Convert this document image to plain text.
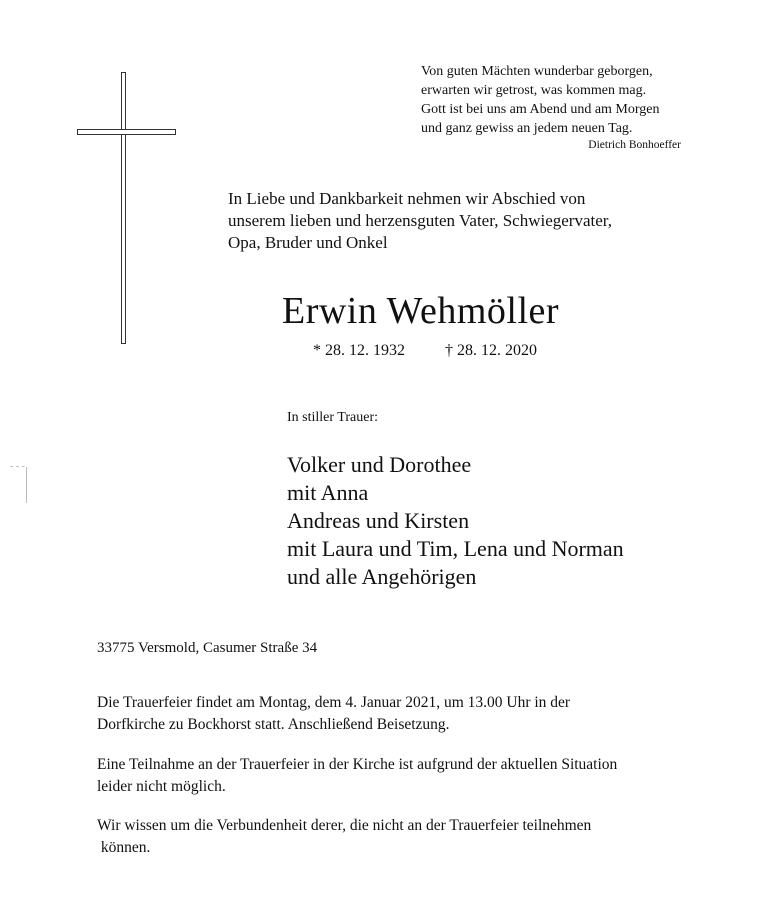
Von guten Mächten wunderbar geborgen,
erwarten wir getrost, was kommen mag.
Gott ist bei uns am Abend und am Morgen
und ganz gewiss an jedem neuen Tag.
Dietrich Bonhoeffer
In Liebe und Dankbarkeit nehmen wir Abschied von
unserem lieben und herzensguten Vater, Schwiegervater,
Opa, Bruder und Onkel
Erwin Wehmöller
* 28. 12. 1932	† 28. 12. 2020
In stiller Trauer:
Volker und Dorothee
mit Anna
Andreas und Kirsten
mit Laura und Tim, Lena und Norman
und alle Angehörigen
33775 Versmold, Casumer Straße 34
Die Trauerfeier findet am Montag, dem 4. Januar 2021, um 13.00 Uhr in der
Dorfkirche zu Bockhorst statt. Anschließend Beisetzung.
Eine Teilnahme an der Trauerfeier in der Kirche ist aufgrund der aktuellen Situation
leider nicht möglich.
Wir wissen um die Verbundenheit derer, die nicht an der Trauerfeier teilnehmen
können.
- - -
